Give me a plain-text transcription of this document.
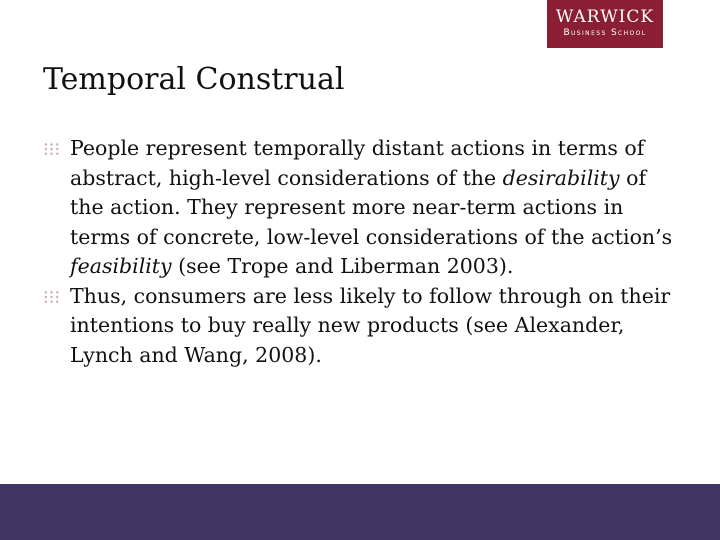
WARWICK
Business School
Temporal Construal
People represent temporally distant actions in terms of abstract, high-level considerations of the desirability of the action. They represent more near-term actions in terms of concrete, low-level considerations of the action’s feasibility (see Trope and Liberman 2003).
Thus, consumers are less likely to follow through on their intentions to buy really new products (see Alexander, Lynch and Wang, 2008).
